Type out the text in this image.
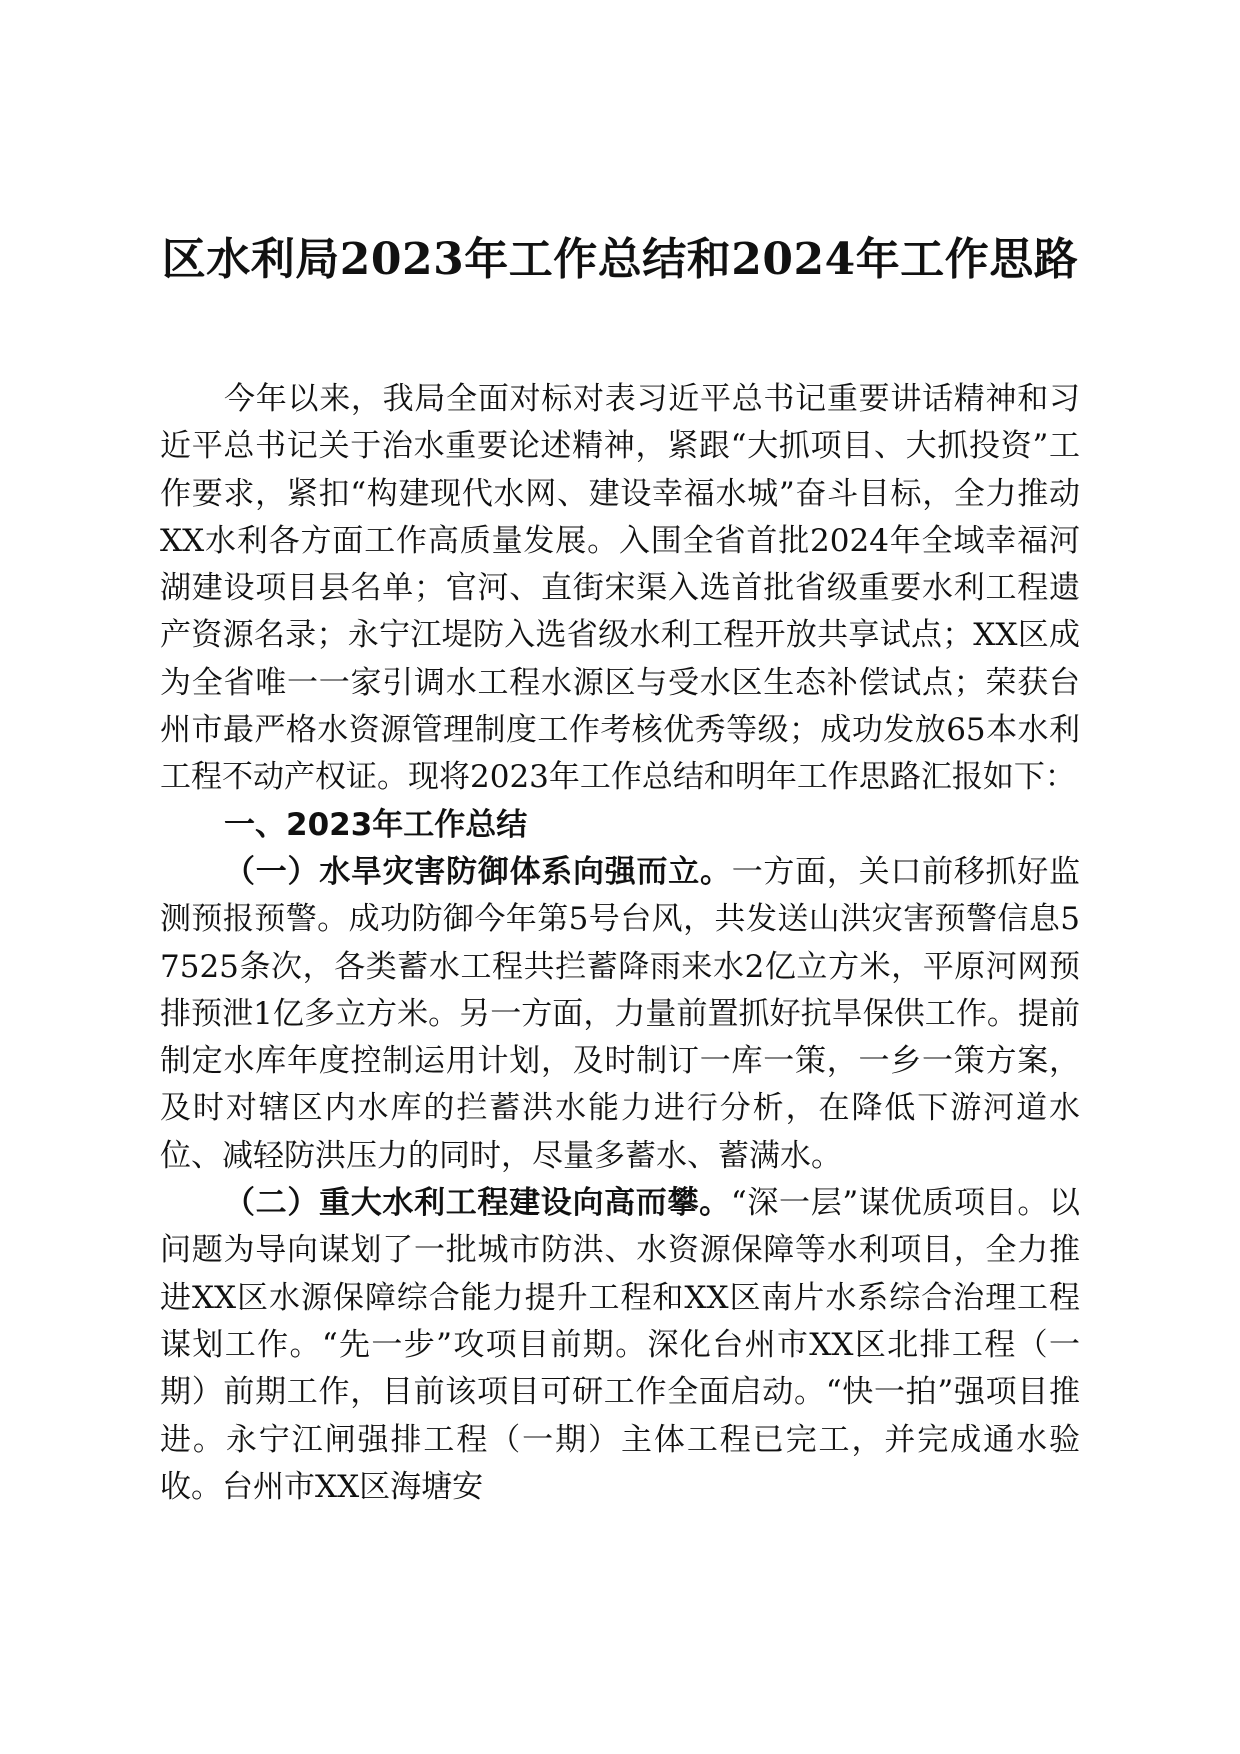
区水利局2023年工作总结和2024年工作思路

今年以来，我局全面对标对表习近平总书记重要讲话精神和习近平总书记关于治水重要论述精神，紧跟“大抓项目、大抓投资”工作要求，紧扣“构建现代水网、建设幸福水城”奋斗目标，全力推动XX水利各方面工作高质量发展。入围全省首批2024年全域幸福河湖建设项目县名单；官河、直街宋渠入选首批省级重要水利工程遗产资源名录；永宁江堤防入选省级水利工程开放共享试点；XX区成为全省唯一一家引调水工程水源区与受水区生态补偿试点；荣获台州市最严格水资源管理制度工作考核优秀等级；成功发放65本水利工程不动产权证。现将2023年工作总结和明年工作思路汇报如下：

一、2023年工作总结

（一）水旱灾害防御体系向强而立。一方面，关口前移抓好监测预报预警。成功防御今年第5号台风，共发送山洪灾害预警信息57525条次，各类蓄水工程共拦蓄降雨来水2亿立方米，平原河网预排预泄1亿多立方米。另一方面，力量前置抓好抗旱保供工作。提前制定水库年度控制运用计划，及时制订一库一策，一乡一策方案，及时对辖区内水库的拦蓄洪水能力进行分析，在降低下游河道水位、减轻防洪压力的同时，尽量多蓄水、蓄满水。

（二）重大水利工程建设向高而攀。“深一层”谋优质项目。以问题为导向谋划了一批城市防洪、水资源保障等水利项目，全力推进XX区水源保障综合能力提升工程和XX区南片水系综合治理工程谋划工作。“先一步”攻项目前期。深化台州市XX区北排工程（一期）前期工作，目前该项目可研工作全面启动。“快一拍”强项目推进。永宁江闸强排工程（一期）主体工程已完工，并完成通水验收。台州市XX区海塘安
